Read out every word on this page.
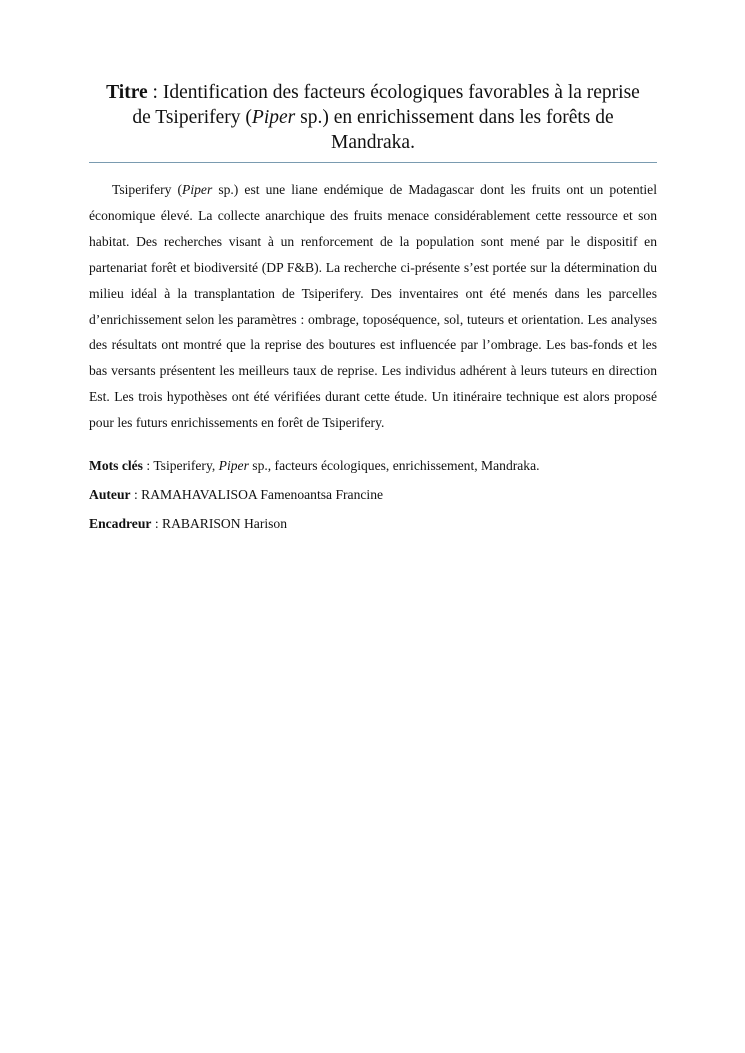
Titre : Identification des facteurs écologiques favorables à la reprise de Tsiperifery (Piper sp.) en enrichissement dans les forêts de Mandraka.
Tsiperifery (Piper sp.) est une liane endémique de Madagascar dont les fruits ont un potentiel économique élevé. La collecte anarchique des fruits menace considérablement cette ressource et son habitat. Des recherches visant à un renforcement de la population sont mené par le dispositif en partenariat forêt et biodiversité (DP F&B). La recherche ci-présente s’est portée sur la détermination du milieu idéal à la transplantation de Tsiperifery. Des inventaires ont été menés dans les parcelles d’enrichissement selon les paramètres : ombrage, toposéquence, sol, tuteurs et orientation. Les analyses des résultats ont montré que la reprise des boutures est influencée par l’ombrage. Les bas-fonds et les bas versants présentent les meilleurs taux de reprise. Les individus adhérent à leurs tuteurs en direction Est. Les trois hypothèses ont été vérifiées durant cette étude. Un itinéraire technique est alors proposé pour les futurs enrichissements en forêt de Tsiperifery.

Mots clés : Tsiperifery, Piper sp., facteurs écologiques, enrichissement, Mandraka.

Auteur : RAMAHAVALISOA Famenoantsa Francine

Encadreur : RABARISON Harison
